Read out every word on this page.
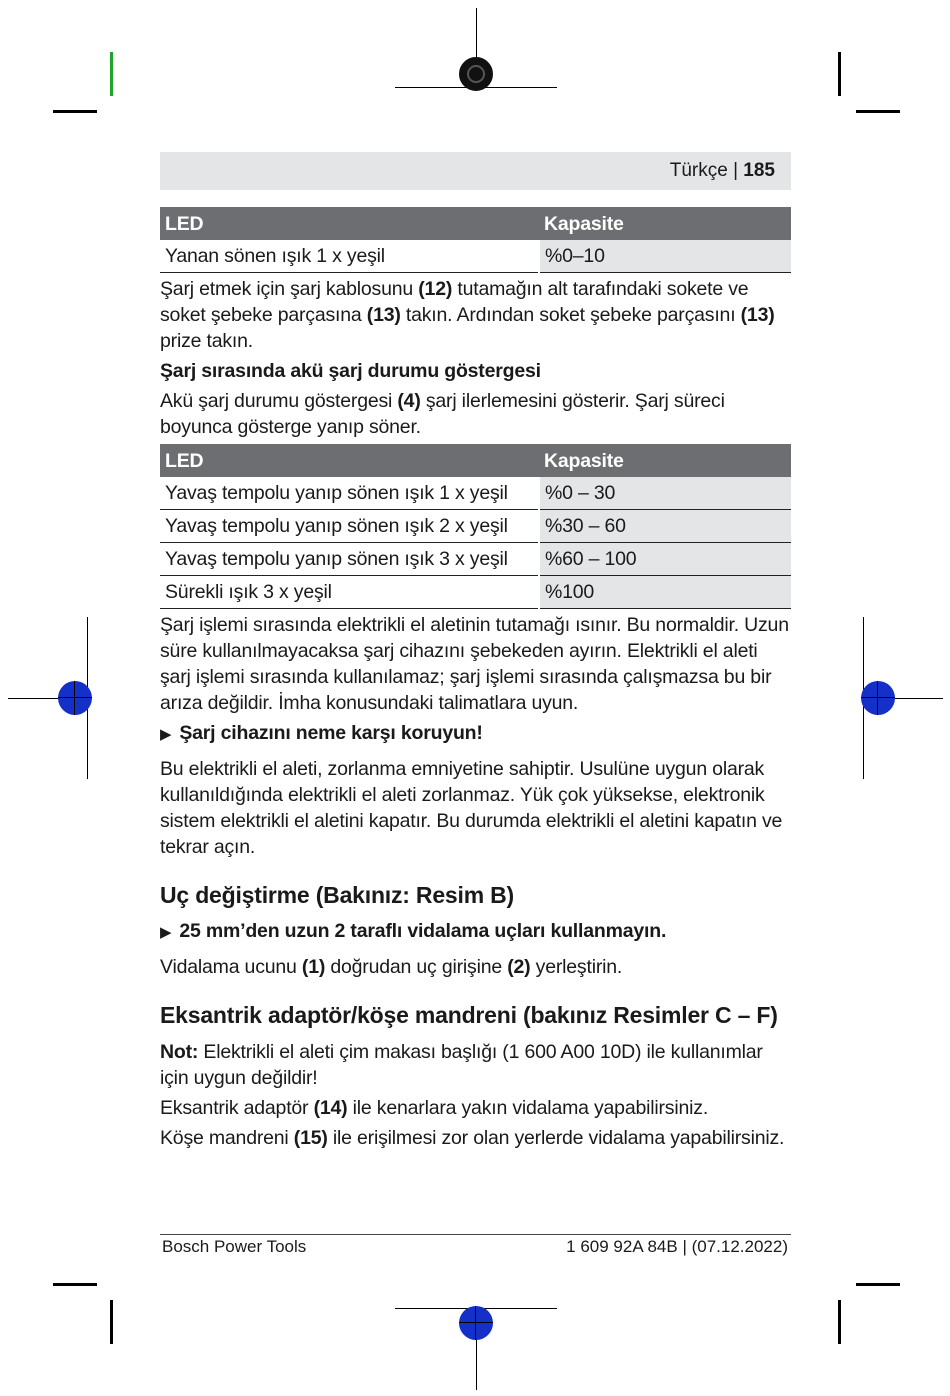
Türkçe | 185
LED	Kapasite
Yanan sönen ışık 1 x yeşil	%0–10

Şarj etmek için şarj kablosunu (12) tutamağın alt tarafındaki sokete ve soket şebeke parçasına (13) takın. Ardından soket şebeke parçasını (13) prize takın.

Şarj sırasında akü şarj durumu göstergesi

Akü şarj durumu göstergesi (4) şarj ilerlemesini gösterir. Şarj süreci boyunca gösterge yanıp söner.

LED	Kapasite
Yavaş tempolu yanıp sönen ışık 1 x yeşil	%0 – 30
Yavaş tempolu yanıp sönen ışık 2 x yeşil	%30 – 60
Yavaş tempolu yanıp sönen ışık 3 x yeşil	%60 – 100
Sürekli ışık 3 x yeşil	%100

Şarj işlemi sırasında elektrikli el aletinin tutamağı ısınır. Bu normaldir. Uzun süre kullanılmayacaksa şarj cihazını şebekeden ayırın. Elektrikli el aleti şarj işlemi sırasında kullanılamaz; şarj işlemi sırasında çalışmazsa bu bir arıza değildir. İmha konusundaki talimatlara uyun.

▶ Şarj cihazını neme karşı koruyun!

Bu elektrikli el aleti, zorlanma emniyetine sahiptir. Usulüne uygun olarak kullanıldığında elektrikli el aleti zorlanmaz. Yük çok yüksekse, elektronik sistem elektrikli el aletini kapatır. Bu durumda elektrikli el aletini kapatın ve tekrar açın.

Uç değiştirme (Bakınız: Resim B)

▶ 25 mm’den uzun 2 taraflı vidalama uçları kullanmayın.

Vidalama ucunu (1) doğrudan uç girişine (2) yerleştirin.

Eksantrik adaptör/köşe mandreni (bakınız Resimler C – F)

Not: Elektrikli el aleti çim makası başlığı (1 600 A00 10D) ile kullanımlar için uygun değildir!

Eksantrik adaptör (14) ile kenarlara yakın vidalama yapabilirsiniz.

Köşe mandreni (15) ile erişilmesi zor olan yerlerde vidalama yapabilirsiniz.

Bosch Power Tools	1 609 92A 84B | (07.12.2022)
